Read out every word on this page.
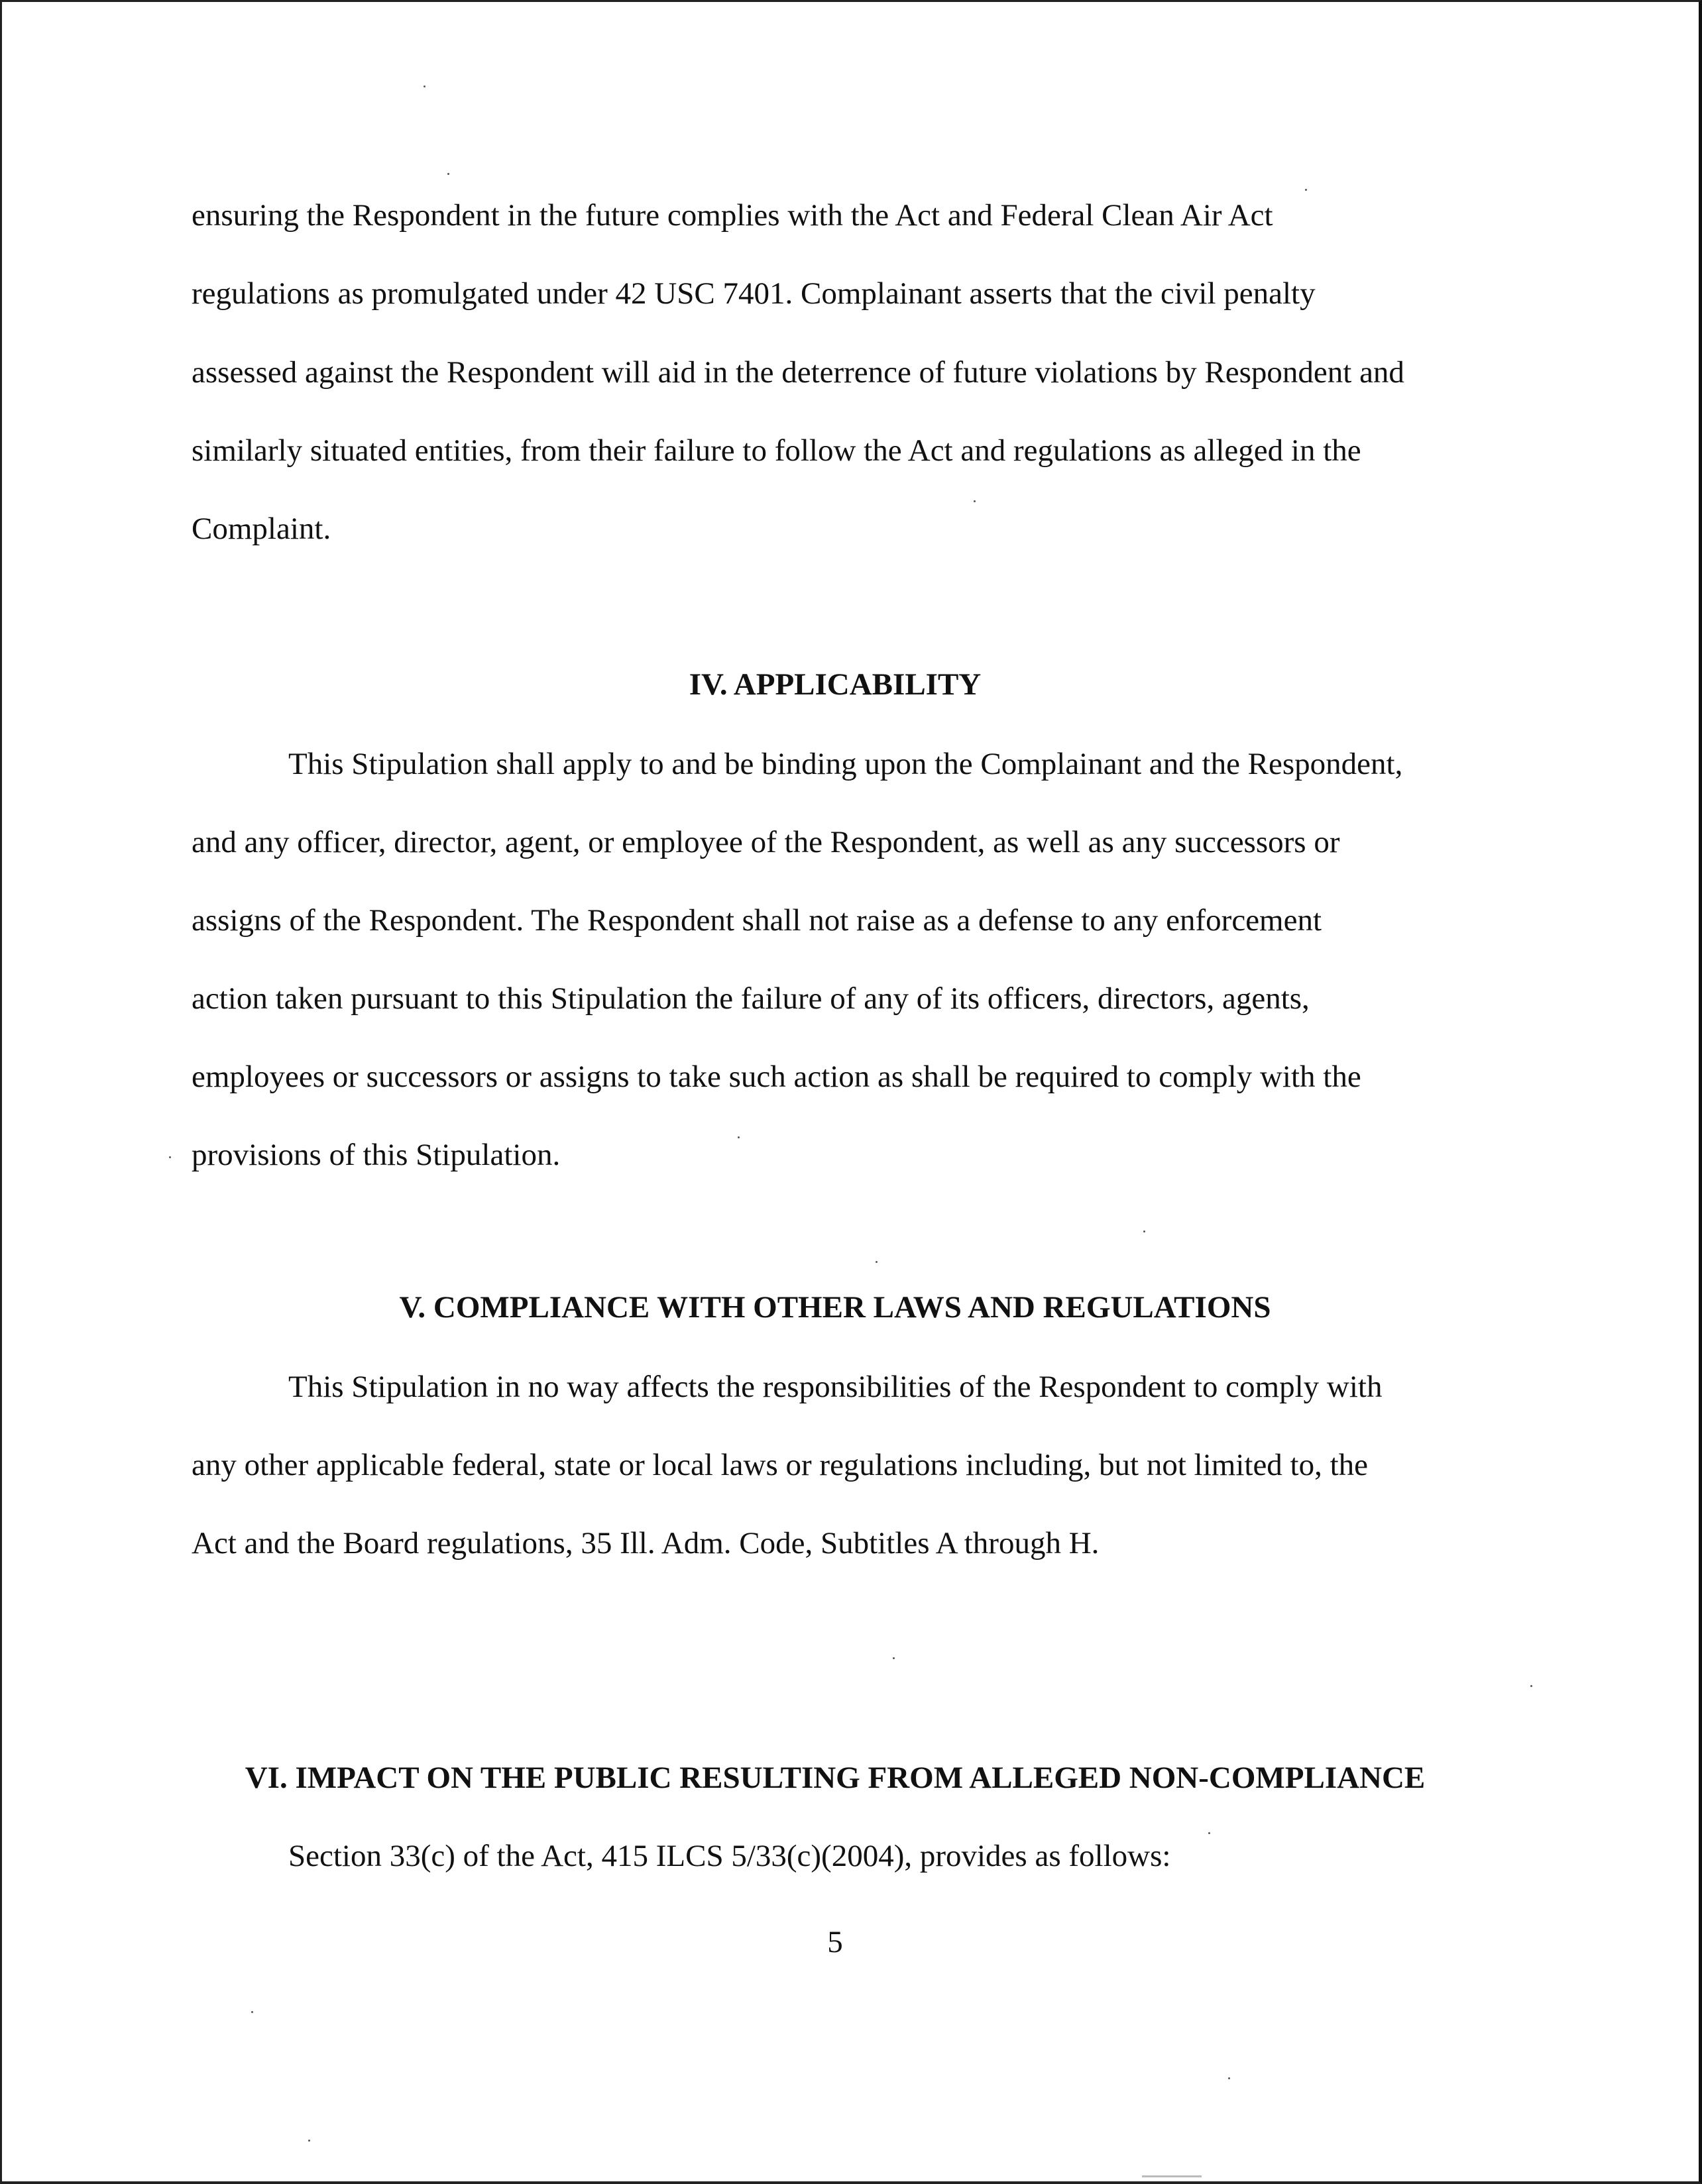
ensuring the Respondent in the future complies with the Act and Federal Clean Air Act

regulations as promulgated under 42 USC 7401. Complainant asserts that the civil penalty

assessed against the Respondent will aid in the deterrence of future violations by Respondent and

similarly situated entities, from their failure to follow the Act and regulations as alleged in the

Complaint.

IV. APPLICABILITY

This Stipulation shall apply to and be binding upon the Complainant and the Respondent,

and any officer, director, agent, or employee of the Respondent, as well as any successors or

assigns of the Respondent. The Respondent shall not raise as a defense to any enforcement

action taken pursuant to this Stipulation the failure of any of its officers, directors, agents,

employees or successors or assigns to take such action as shall be required to comply with the

provisions of this Stipulation.

V. COMPLIANCE WITH OTHER LAWS AND REGULATIONS

This Stipulation in no way affects the responsibilities of the Respondent to comply with

any other applicable federal, state or local laws or regulations including, but not limited to, the

Act and the Board regulations, 35 Ill. Adm. Code, Subtitles A through H.

VI. IMPACT ON THE PUBLIC RESULTING FROM ALLEGED NON-COMPLIANCE

Section 33(c) of the Act, 415 ILCS 5/33(c)(2004), provides as follows:

5
